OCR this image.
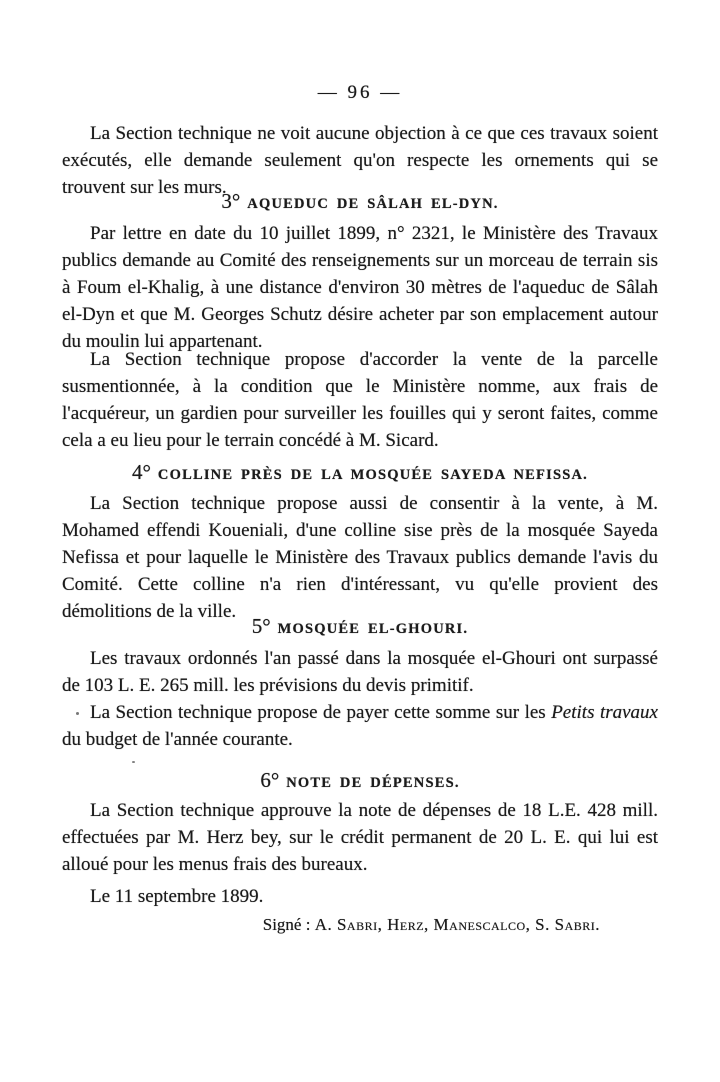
— 96 —

La Section technique ne voit aucune objection à ce que ces travaux soient exécutés, elle demande seulement qu'on respecte les ornements qui se trouvent sur les murs.

3° AQUEDUC DE SÂLAH EL-DYN.

Par lettre en date du 10 juillet 1899, n° 2321, le Ministère des Travaux publics demande au Comité des renseignements sur un morceau de terrain sis à Foum el-Khalig, à une distance d'environ 30 mètres de l'aqueduc de Sâlah el-Dyn et que M. Georges Schutz désire acheter par son emplacement autour du moulin lui appartenant.

La Section technique propose d'accorder la vente de la parcelle susmentionnée, à la condition que le Ministère nomme, aux frais de l'acquéreur, un gardien pour surveiller les fouilles qui y seront faites, comme cela a eu lieu pour le terrain concédé à M. Sicard.

4° COLLINE PRÈS DE LA MOSQUÉE SAYEDA NEFISSA.

La Section technique propose aussi de consentir à la vente, à M. Mohamed effendi Koueniali, d'une colline sise près de la mosquée Sayeda Nefissa et pour laquelle le Ministère des Travaux publics demande l'avis du Comité. Cette colline n'a rien d'intéressant, vu qu'elle provient des démolitions de la ville.

5° MOSQUÉE EL-GHOURI.

Les travaux ordonnés l'an passé dans la mosquée el-Ghouri ont surpassé de 103 L. E. 265 mill. les prévisions du devis primitif.

La Section technique propose de payer cette somme sur les Petits travaux du budget de l'année courante.

6° NOTE DE DÉPENSES.

La Section technique approuve la note de dépenses de 18 L.E. 428 mill. effectuées par M. Herz bey, sur le crédit permanent de 20 L. E. qui lui est alloué pour les menus frais des bureaux.

Le 11 septembre 1899.

Signé : A. Sabri, Herz, Manescalco, S. Sabri.
